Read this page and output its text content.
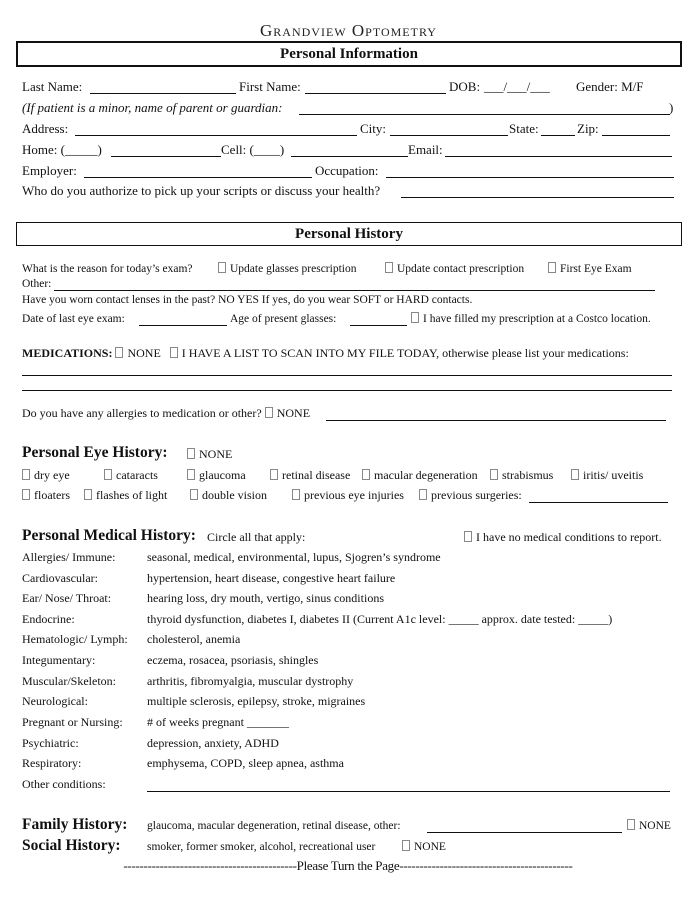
Grandview Optometry
Personal Information
Last Name:	First Name:	DOB: ___/___/___ Gender: M/F
(If patient is a minor, name of parent or guardian:	)
Address:	City:	State:	Zip:
Home: (_____)	Cell: (____)	Email:
Employer:	Occupation:
Who do you authorize to pick up your scripts or discuss your health?
Personal History
What is the reason for today’s exam?	Update glasses prescription	Update contact prescription	First Eye Exam
Other:
Have you worn contact lenses in the past? NO YES If yes, do you wear SOFT or HARD contacts.
Date of last eye exam:	Age of present glasses:	I have filled my prescription at a Costco location.
MEDICATIONS: NONE I HAVE A LIST TO SCAN INTO MY FILE TODAY, otherwise please list your medications:
Do you have any allergies to medication or other? NONE
Personal Eye History:	NONE
dry eye	cataracts	glaucoma	retinal disease	macular degeneration	strabismus	iritis/ uveitis
floaters	flashes of light	double vision	previous eye injuries	previous surgeries:
Personal Medical History: Circle all that apply:	I have no medical conditions to report.
Allergies/ Immune:	seasonal, medical, environmental, lupus, Sjogren’s syndrome
Cardiovascular:	hypertension, heart disease, congestive heart failure
Ear/ Nose/ Throat:	hearing loss, dry mouth, vertigo, sinus conditions
Endocrine:	thyroid dysfunction, diabetes I, diabetes II (Current A1c level: _____ approx. date tested: _____)
Hematologic/ Lymph: cholesterol, anemia
Integumentary:	eczema, rosacea, psoriasis, shingles
Muscular/Skeleton:	arthritis, fibromyalgia, muscular dystrophy
Neurological:	multiple sclerosis, epilepsy, stroke, migraines
Pregnant or Nursing: # of weeks pregnant _______
Psychiatric:	depression, anxiety, ADHD
Respiratory:	emphysema, COPD, sleep apnea, asthma
Other conditions:
Family History: glaucoma, macular degeneration, retinal disease, other:	NONE
Social History: smoker, former smoker, alcohol, recreational user	NONE
-------------------------------------------Please Turn the Page-------------------------------------------
